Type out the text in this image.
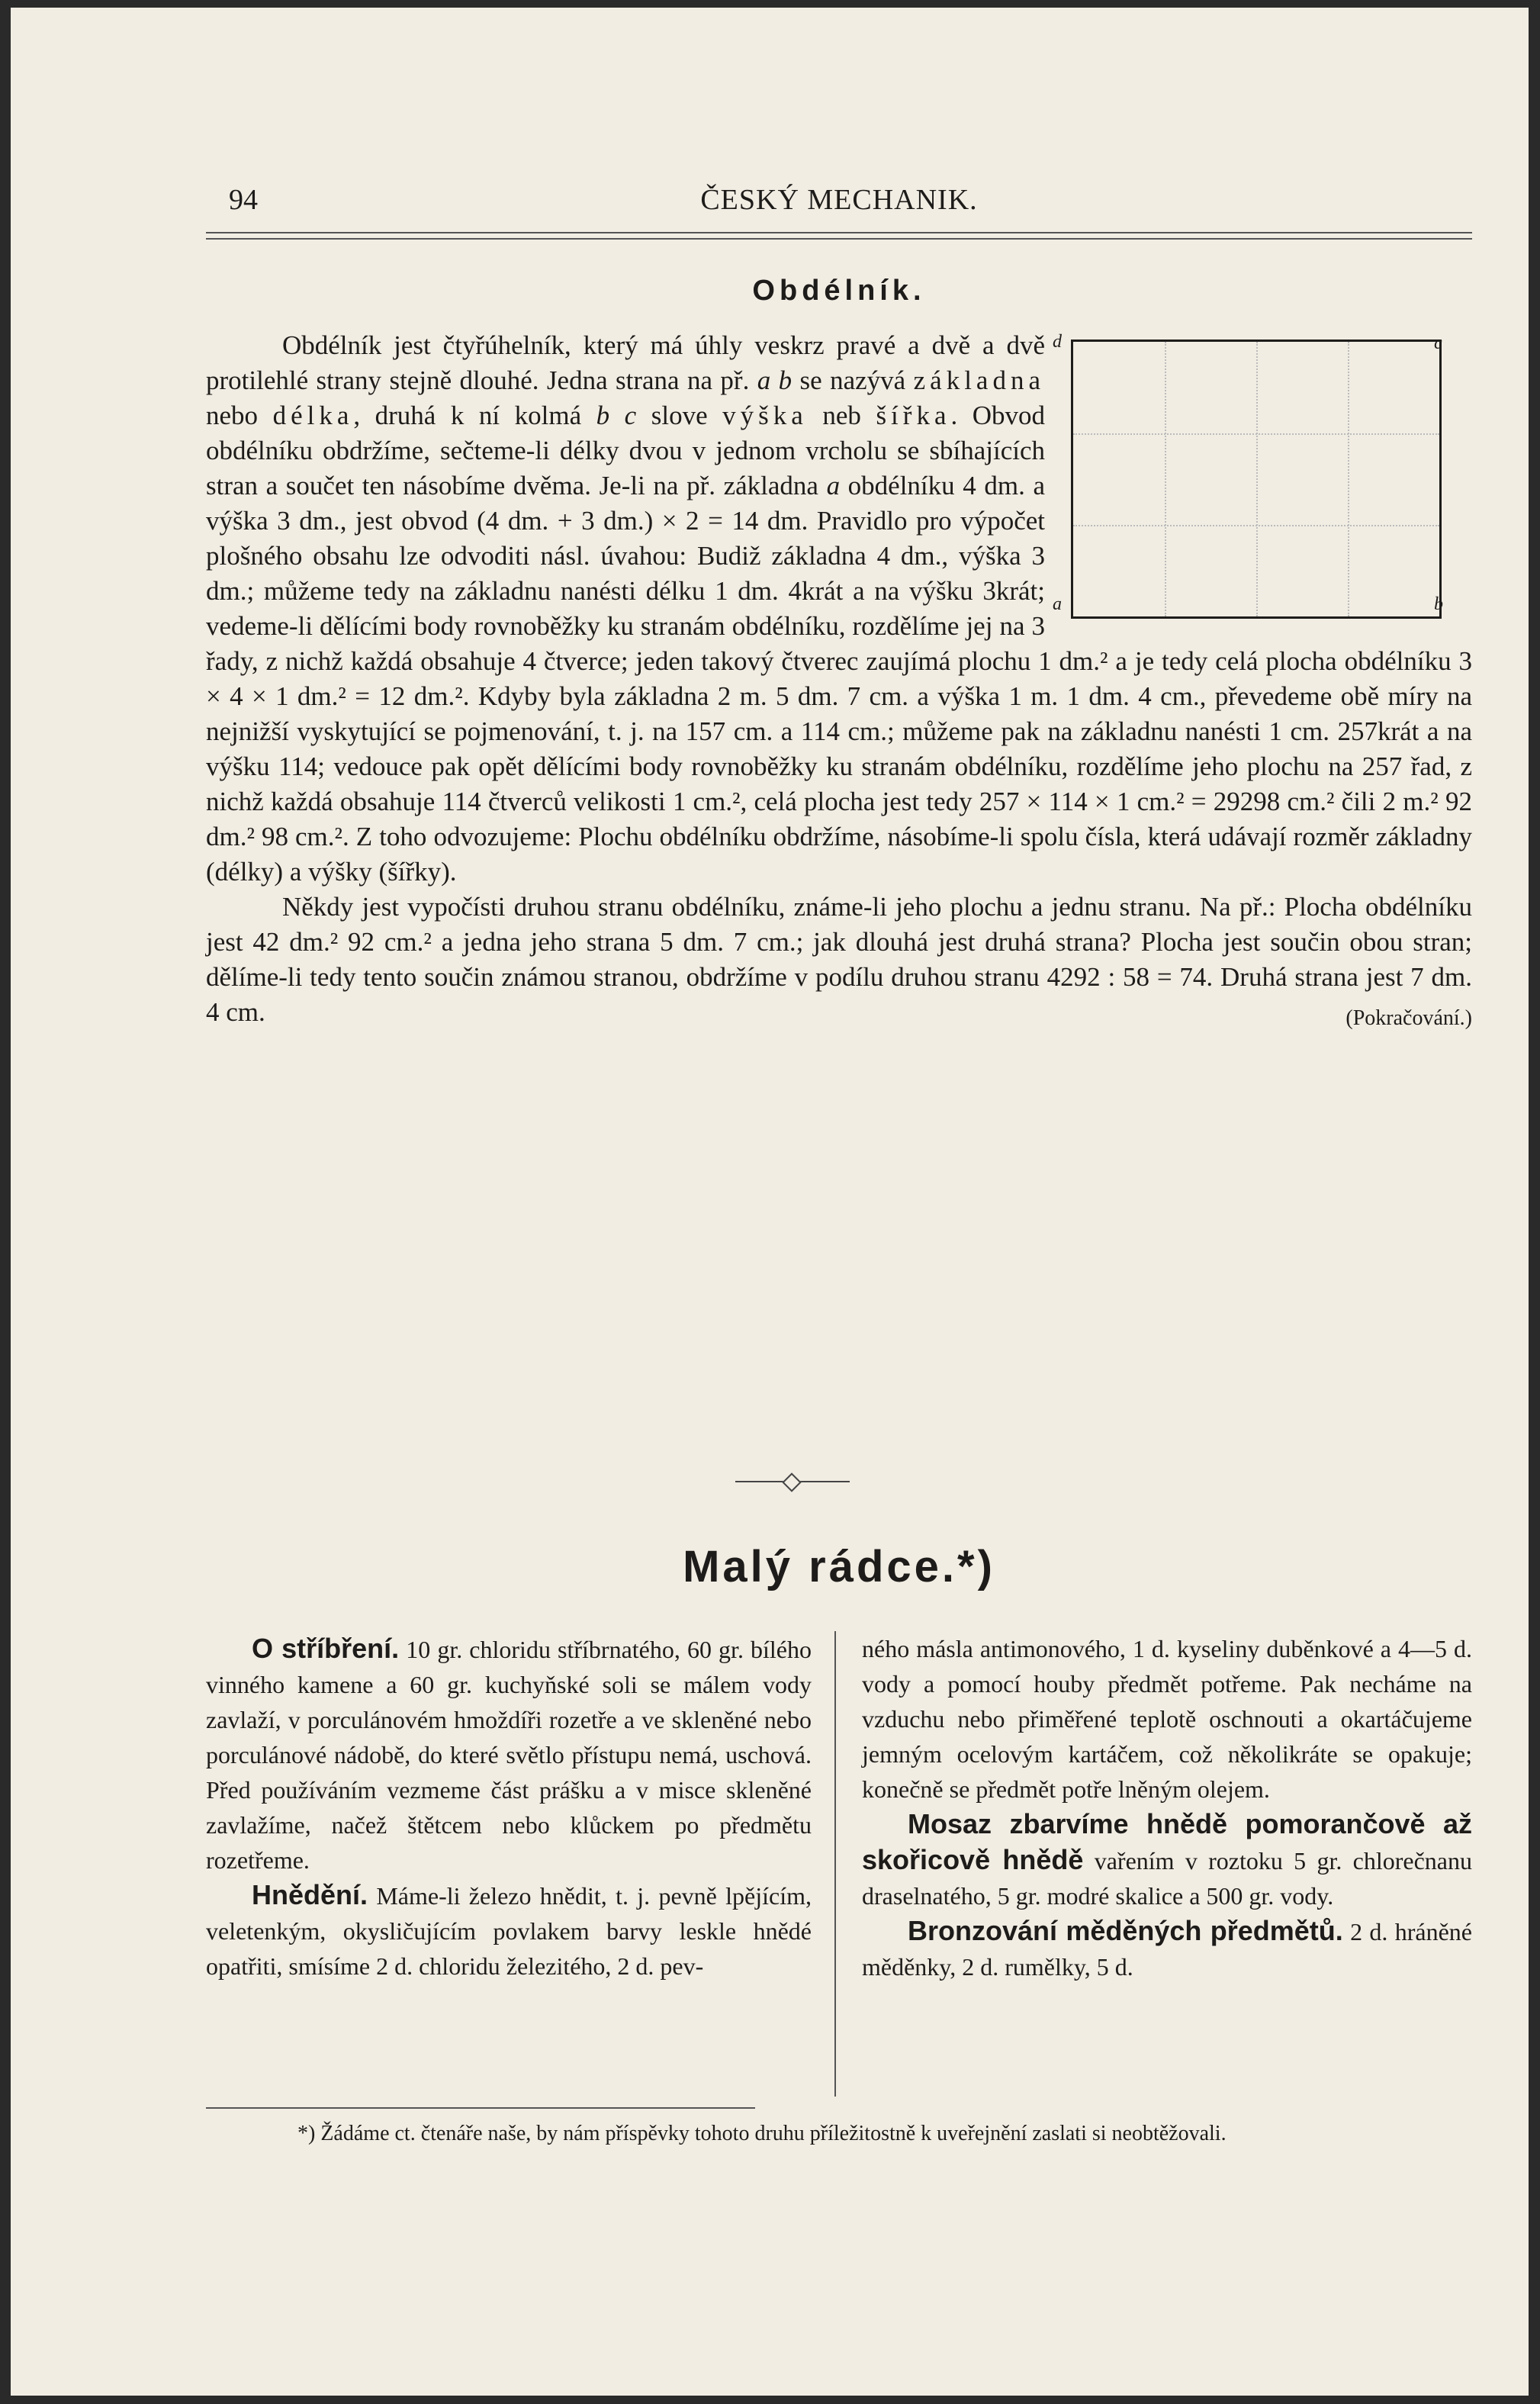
94	ČESKÝ MECHANIK.
Obdélník.
d	c
a	b

Obdélník jest čtyřúhelník, který má úhly veskrz pravé a dvě a dvě protilehlé strany stejně dlouhé. Jedna strana na př. a b se nazývá základna nebo délka, druhá k ní kolmá b c slove výška neb šířka. Obvod obdélníku obdržíme, sečteme-li délky dvou v jednom vrcholu se sbíhajících stran a součet ten násobíme dvěma. Je-li na př. základna a obdélníku 4 dm. a výška 3 dm., jest obvod (4 dm. + 3 dm.) × 2 = 14 dm. Pravidlo pro výpočet plošného obsahu lze odvoditi násl. úvahou: Budiž základna 4 dm., výška 3 dm.; můžeme tedy na základnu nanésti délku 1 dm. 4krát a na výšku 3krát; vedeme-li dělícími body rovnoběžky ku stranám obdélníku, rozdělíme jej na 3 řady, z nichž každá obsahuje 4 čtverce; jeden takový čtverec zaujímá plochu 1 dm.² a je tedy celá plocha obdélníku 3 × 4 × 1 dm.² = 12 dm.². Kdyby byla základna 2 m. 5 dm. 7 cm. a výška 1 m. 1 dm. 4 cm., převedeme obě míry na nejnižší vyskytující se pojmenování, t. j. na 157 cm. a 114 cm.; můžeme pak na základnu nanésti 1 cm. 257krát a na výšku 114; vedouce pak opět dělícími body rovnoběžky ku stranám obdélníku, rozdělíme jeho plochu na 257 řad, z nichž každá obsahuje 114 čtverců velikosti 1 cm.², celá plocha jest tedy 257 × 114 × 1 cm.² = 29298 cm.² čili 2 m.² 92 dm.² 98 cm.². Z toho odvozujeme: Plochu obdélníku obdržíme, násobíme-li spolu čísla, která udávají rozměr základny (délky) a výšky (šířky).

Někdy jest vypočísti druhou stranu obdélníku, známe-li jeho plochu a jednu stranu. Na př.: Plocha obdélníku jest 42 dm.² 92 cm.² a jedna jeho strana 5 dm. 7 cm.; jak dlouhá jest druhá strana? Plocha jest součin obou stran; dělíme-li tedy tento součin známou stranou, obdržíme v podílu druhou stranu 4292 : 58 = 74. Druhá strana jest 7 dm. 4 cm.	(Pokračování.)

Malý rádce.*)

O stříbření. 10 gr. chloridu stříbrnatého, 60 gr. bílého vinného kamene a 60 gr. kuchyňské soli se málem vody zavlaží, v porculánovém hmoždíři rozetře a ve skleněné nebo porculánové nádobě, do které světlo přístupu nemá, uschová. Před používáním vezmeme část prášku a v misce skleněné zavlažíme, načež štětcem nebo klůckem po předmětu rozetřeme.

Hnědění. Máme-li železo hnědit, t. j. pevně lpějícím, veletenkým, okysličujícím povlakem barvy leskle hnědé opatřiti, smísíme 2 d. chloridu železitého, 2 d. pev-

ného másla antimonového, 1 d. kyseliny duběnkové a 4—5 d. vody a pomocí houby předmět potřeme. Pak necháme na vzduchu nebo přiměřené teplotě oschnouti a okartáčujeme jemným ocelovým kartáčem, což několikráte se opakuje; konečně se předmět potře lněným olejem.

Mosaz zbarvíme hnědě pomorančově až skořicově hnědě vařením v roztoku 5 gr. chlorečnanu draselnatého, 5 gr. modré skalice a 500 gr. vody.

Bronzování měděných předmětů. 2 d. hráněné měděnky, 2 d. rumělky, 5 d.

*) Žádáme ct. čtenáře naše, by nám příspěvky tohoto druhu příležitostně k uveřejnění zaslati si neobtěžovali.
